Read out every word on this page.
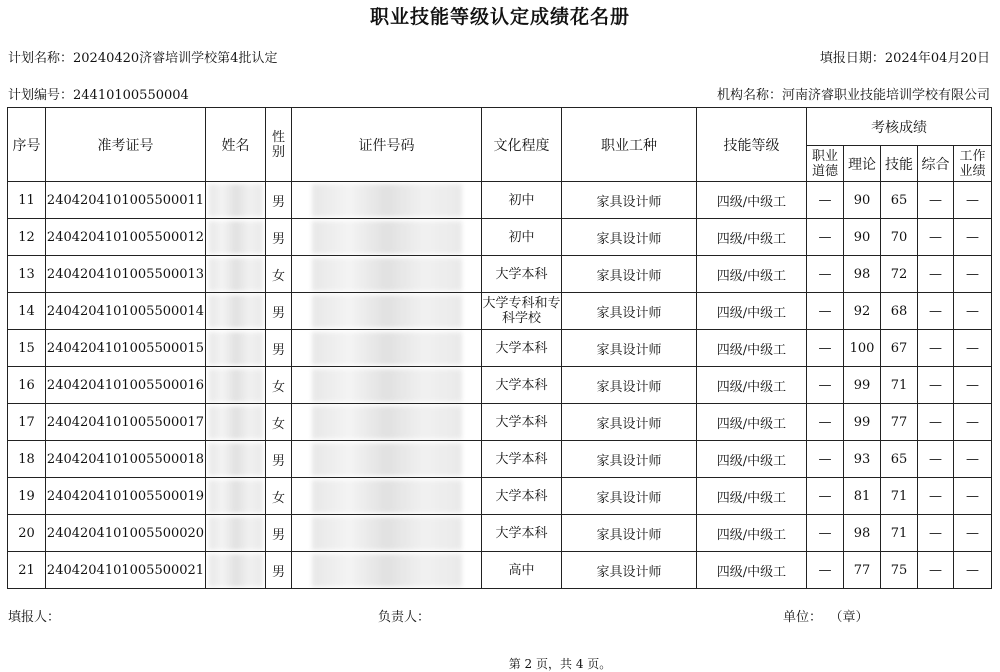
职业技能等级认定成绩花名册
计划名称：20240420济睿培训学校第4批认定	填报日期：2024年04月20日
计划编号：24410100550004	机构名称：河南济睿职业技能培训学校有限公司
序号	准考证号	姓名	性别	证件号码	文化程度	职业工种	技能等级	考核成绩				
								职业道德	理论	技能	综合	工作业绩
11	2404204101005500011		男		初中	家具设计师	四级/中级工	—	90	65	—	—
12	2404204101005500012		男		初中	家具设计师	四级/中级工	—	90	70	—	—
13	2404204101005500013		女		大学本科	家具设计师	四级/中级工	—	98	72	—	—
14	2404204101005500014		男		大学专科和专科学校	家具设计师	四级/中级工	—	92	68	—	—
15	2404204101005500015		男		大学本科	家具设计师	四级/中级工	—	100	67	—	—
16	2404204101005500016		女		大学本科	家具设计师	四级/中级工	—	99	71	—	—
17	2404204101005500017		女		大学本科	家具设计师	四级/中级工	—	99	77	—	—
18	2404204101005500018		男		大学本科	家具设计师	四级/中级工	—	93	65	—	—
19	2404204101005500019		女		大学本科	家具设计师	四级/中级工	—	81	71	—	—
20	2404204101005500020		男		大学本科	家具设计师	四级/中级工	—	98	71	—	—
21	2404204101005500021		男		高中	家具设计师	四级/中级工	—	77	75	—	—
填报人：	负责人：	单位： （章）
第 2 页，共 4 页。
